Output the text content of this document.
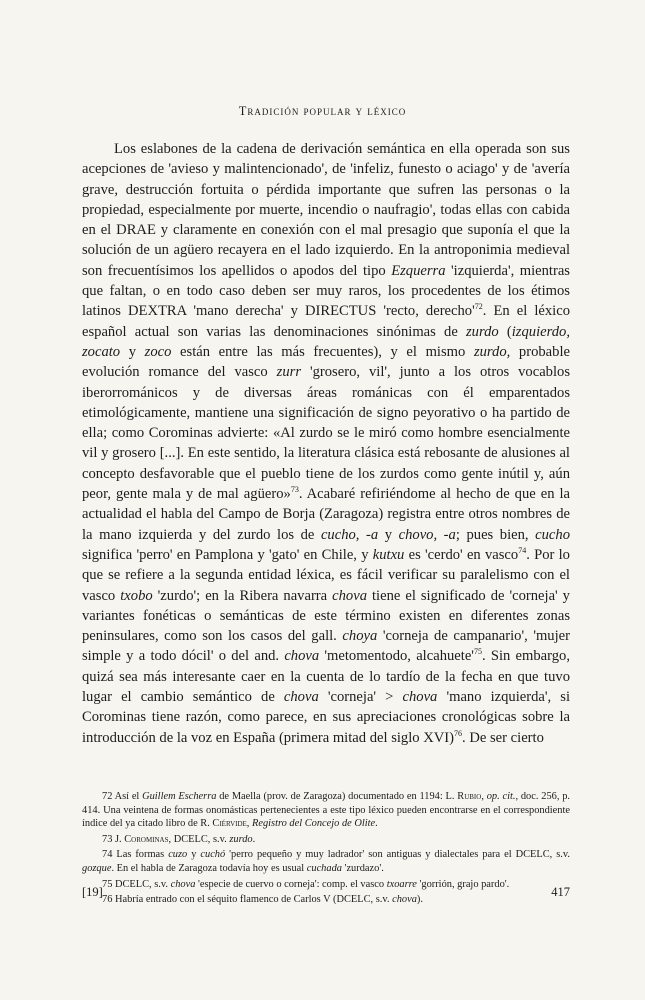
Tradición popular y léxico

Los eslabones de la cadena de derivación semántica en ella operada son sus acepciones de 'avieso y malintencionado', de 'infeliz, funesto o aciago' y de 'avería grave, destrucción fortuita o pérdida importante que sufren las personas o la propiedad, especialmente por muerte, incendio o naufragio', todas ellas con cabida en el DRAE y claramente en conexión con el mal presagio que suponía el que la solución de un agüero recayera en el lado izquierdo. En la antroponimia medieval son frecuentísimos los apellidos o apodos del tipo Ezquerra 'izquierda', mientras que faltan, o en todo caso deben ser muy raros, los procedentes de los étimos latinos DEXTRA 'mano derecha' y DIRECTUS 'recto, $derecho'^{72}$. En el léxico español actual son varias las denominaciones sinónimas de zurdo (izquierdo, zocato y zoco están entre las más frecuentes), y el mismo zurdo, probable evolución romance del vasco zurr 'grosero, vil', junto a los otros vocablos iberorrománicos y de diversas áreas románicas con él emparentados etimológicamente, mantiene una significación de signo peyorativo o ha partido de ella; como Corominas advierte: «Al zurdo se le miró como hombre esencialmente vil y grosero [...]. En este sentido, la literatura clásica está rebosante de alusiones al concepto desfavorable que el pueblo tiene de los zurdos como gente inútil y, aún peor, gente mala y de mal agüero»$^{73}$. Acabaré refiriéndome al hecho de que en la actualidad el habla del Campo de Borja (Zaragoza) registra entre otros nombres de la mano izquierda y del zurdo los de cucho, -a y chovo, -a; pues bien, cucho significa 'perro' en Pamplona y 'gato' en Chile, y kutxu es 'cerdo' en vasco$^{74}$. Por lo que se refiere a la segunda entidad léxica, es fácil verificar su paralelismo con el vasco txobo 'zurdo'; en la Ribera navarra chova tiene el significado de 'corneja' y variantes fonéticas o semánticas de este término existen en diferentes zonas peninsulares, como son los casos del gall. choya 'corneja de campanario', 'mujer simple y a todo dócil' o del and. chova 'metomentodo, $alcahuete'^{75}$. Sin embargo, quizá sea más interesante caer en la cuenta de lo tardío de la fecha en que tuvo lugar el cambio semántico de chova 'corneja' > chova 'mano izquierda', si Corominas tiene razón, como parece, en sus apreciaciones cronológicas sobre la introducción de la voz en España (primera mitad del siglo XVI)$^{76}$. De ser cierto

72 Así el Guillem Escherra de Maella (prov. de Zaragoza) documentado en 1194: L. Rubio, op. cit., doc. 256, p. 414. Una veintena de formas onomásticas pertenecientes a este tipo léxico pueden encontrarse en el correspondiente índice del ya citado libro de R. Ciérvide, Registro del Concejo de Olite.

73 J. Corominas, DCELC, s.v. zurdo.

74 Las formas cuzo y cuchó 'perro pequeño y muy ladrador' son antiguas y dialectales para el DCELC, s.v. gozque. En el habla de Zaragoza todavía hoy es usual cuchada 'zurdazo'.

75 DCELC, s.v. chova 'especie de cuervo o corneja': comp. el vasco txoarre 'gorrión, grajo pardo'.

76 Habría entrado con el séquito flamenco de Carlos V (DCELC, s.v. chova).

[19]	417
